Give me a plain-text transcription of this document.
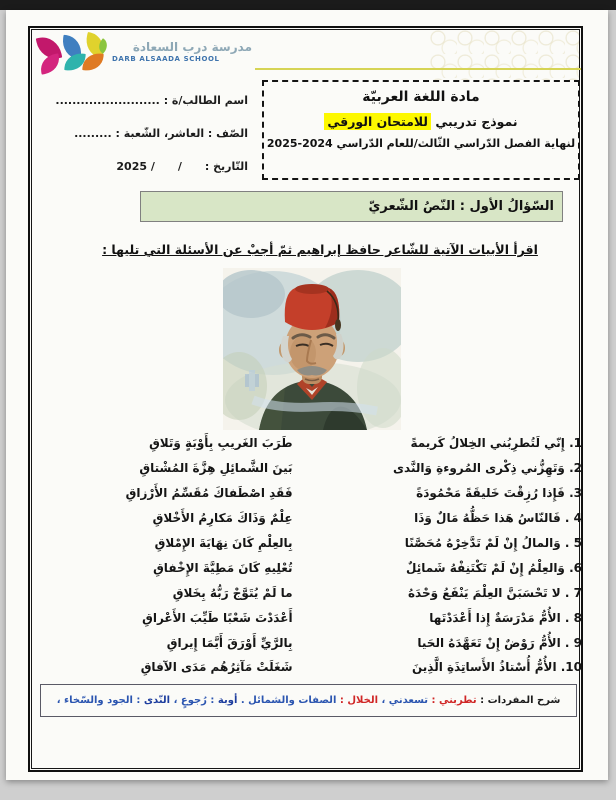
مدرسة درب السعادة
DARB ALSAADA SCHOOL
اسم الطالب/ة : .........................
الصّف : العاشر، الشّعبة : .........
التّاريخ :      /      / 2025
مادة اللغة العربيّة
نموذج تدريبي للامتحان الورقي
لنهاية الفصل الدّراسي الثّالث/للعام الدّراسي 2024-2025
السّؤالُ الأول : النّصُ الشّعريّ
اقرأ الأبيات الآتية للشّاعر حافظ إبراهيم ثمّ أجبْ عن الأسئلة التي تليها :
1. إِنّي لَتُطرِبُني الخِلالُ كَريمةً
طَرَبَ الغَريبِ بِأَوْبَةٍ وَتَلاقِ
2. وَتَهِزُّني ذِكْرى المُروءةِ وَالنَّدى
بَينَ الشَّمائِلِ هِزَّةَ المُشْتاقِ
3. فَإِذا رُزِقْتَ خَليقَةً مَحْمُودَةً
فَقَدِ اصْطَفاكَ مُقَسِّمُ الأَرْزاقِ
4 . فَالنّاسُ هَذا حَظُّهُ مَالٌ وَذَا
عِلْمٌ وَذَاكَ مَكارِمُ الأَخْلاقِ
5 . وَالمالُ إِنْ لَمْ تَدَّخِرْهُ مُحَصَّنًا
بِالعِلْمِ كَانَ نِهَايَةَ الإِمْلاقِ
6. وَالعِلْمُ إِنْ لَمْ تَكْتَنِفْهُ شَمائِلٌ
تُعْلِيهِ كَانَ مَطِيَّةَ الإِخْفاقِ
7 . لا تَحْسَبَنَّ العِلْمَ يَنْفَعُ وَحْدَهُ
ما لَمْ يُتَوَّجْ رَبُّهُ بِخَلاقِ
8 . الأُمُّ مَدْرَسَةٌ إِذا أَعْدَدْتَها
أَعْدَدْتَ شَعْبًا طَيِّبَ الأَعْراقِ
9 . الأُمُّ رَوْضٌ إِنْ تَعَهَّدَهُ الحَيا
بِالرَّيِّ أَوْرَقَ أَيَّمَا إِيراقِ
10. الأُمُّ أُسْتاذُ الأَساتِذَةِ الَّذِينَ
شَغَلَتْ مَآثِرُهُم مَدَى الآفاقِ
شرح المفردات : تطربني : تسعدني ، الخلال : الصفات والشمائل . أوبة : رُجوعٍ ، النّدى : الجود والسّخاء ،
